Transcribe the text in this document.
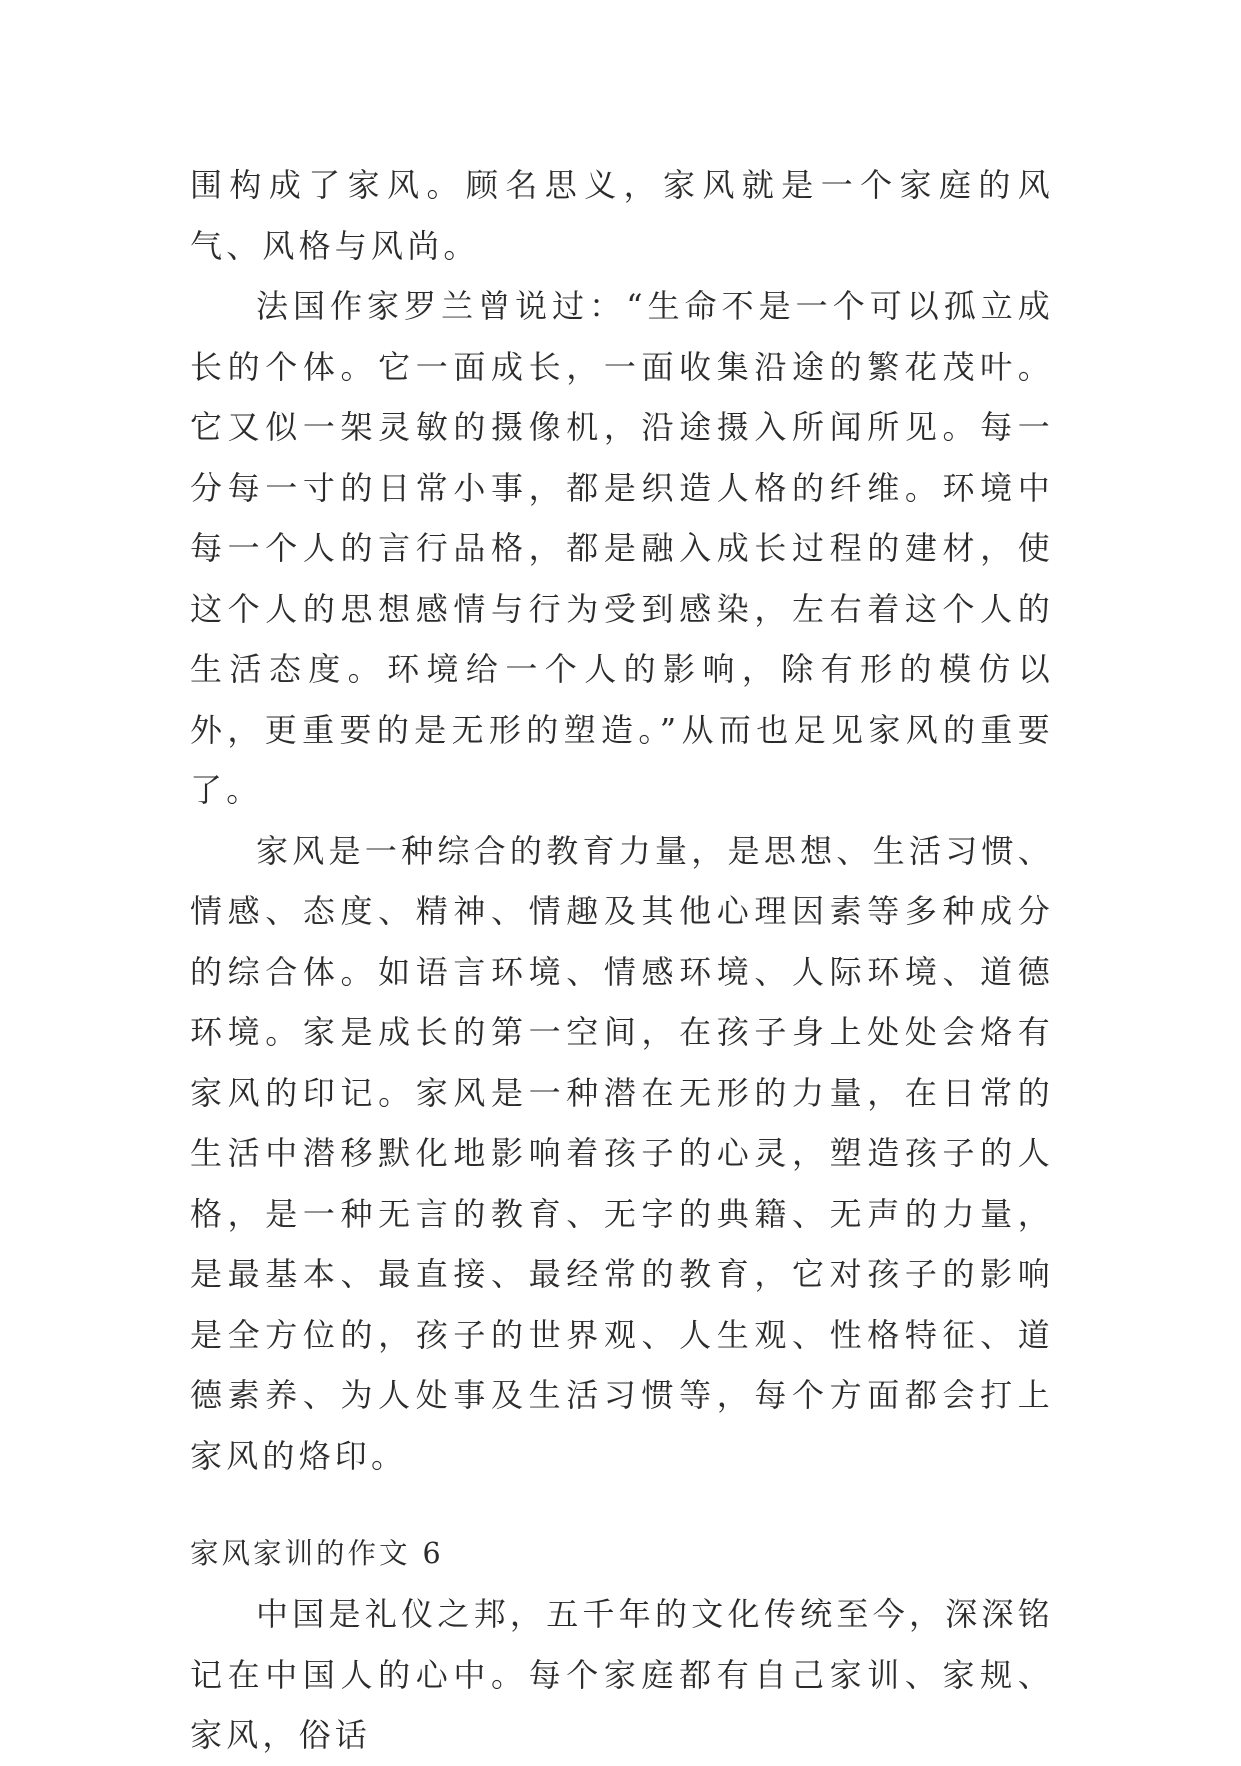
围构成了家风。顾名思义，家风就是一个家庭的风气、风格与风尚。

法国作家罗兰曾说过：“生命不是一个可以孤立成长的个体。它一面成长，一面收集沿途的繁花茂叶。它又似一架灵敏的摄像机，沿途摄入所闻所见。每一分每一寸的日常小事，都是织造人格的纤维。环境中每一个人的言行品格，都是融入成长过程的建材，使这个人的思想感情与行为受到感染，左右着这个人的生活态度。环境给一个人的影响，除有形的模仿以外，更重要的是无形的塑造。”从而也足见家风的重要了。

家风是一种综合的教育力量，是思想、生活习惯、情感、态度、精神、情趣及其他心理因素等多种成分的综合体。如语言环境、情感环境、人际环境、道德环境。家是成长的第一空间，在孩子身上处处会烙有家风的印记。家风是一种潜在无形的力量，在日常的生活中潜移默化地影响着孩子的心灵，塑造孩子的人格，是一种无言的教育、无字的典籍、无声的力量，是最基本、最直接、最经常的教育，它对孩子的影响是全方位的，孩子的世界观、人生观、性格特征、道德素养、为人处事及生活习惯等，每个方面都会打上家风的烙印。

家风家训的作文 6

中国是礼仪之邦，五千年的文化传统至今，深深铭记在中国人的心中。每个家庭都有自己家训、家规、家风，俗话
